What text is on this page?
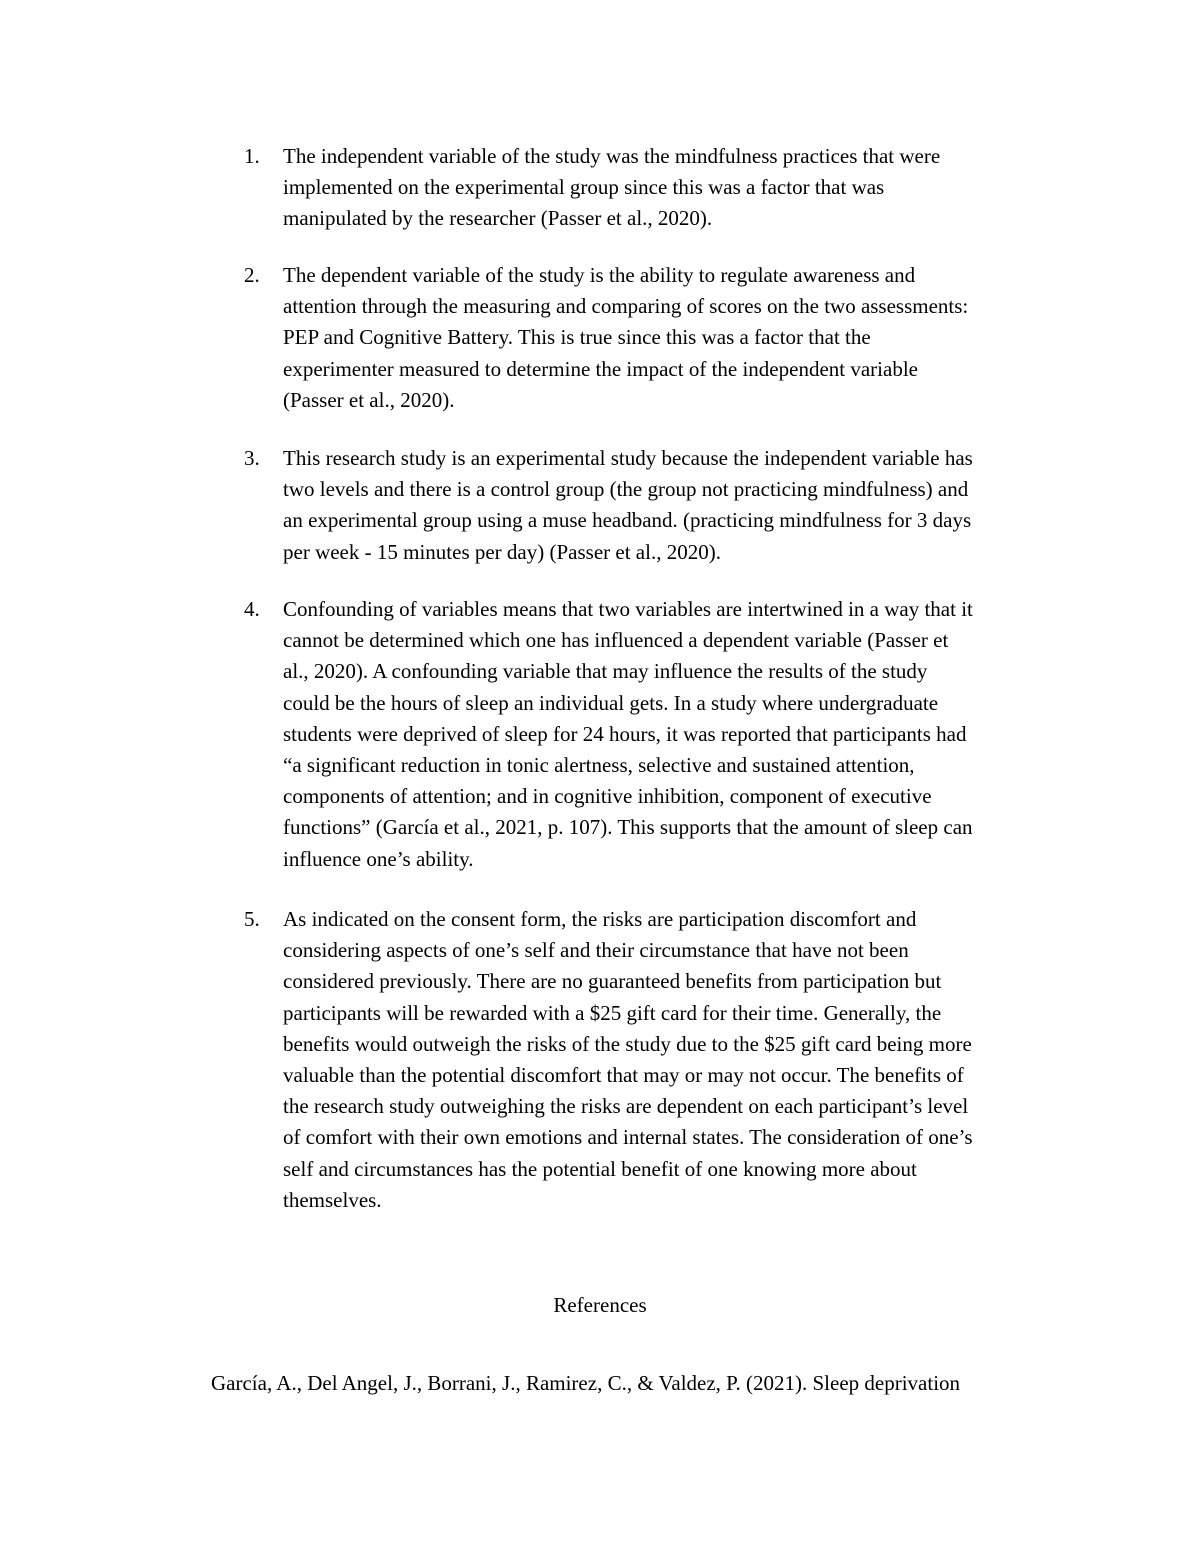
1. The independent variable of the study was the mindfulness practices that were
implemented on the experimental group since this was a factor that was
manipulated by the researcher (Passer et al., 2020).
2. The dependent variable of the study is the ability to regulate awareness and
attention through the measuring and comparing of scores on the two assessments:
PEP and Cognitive Battery. This is true since this was a factor that the
experimenter measured to determine the impact of the independent variable
(Passer et al., 2020).
3. This research study is an experimental study because the independent variable has
two levels and there is a control group (the group not practicing mindfulness) and
an experimental group using a muse headband. (practicing mindfulness for 3 days
per week - 15 minutes per day) (Passer et al., 2020).
4. Confounding of variables means that two variables are intertwined in a way that it
cannot be determined which one has influenced a dependent variable (Passer et
al., 2020). A confounding variable that may influence the results of the study
could be the hours of sleep an individual gets. In a study where undergraduate
students were deprived of sleep for 24 hours, it was reported that participants had
“a significant reduction in tonic alertness, selective and sustained attention,
components of attention; and in cognitive inhibition, component of executive
functions” (García et al., 2021, p. 107). This supports that the amount of sleep can
influence one’s ability.
5. As indicated on the consent form, the risks are participation discomfort and
considering aspects of one’s self and their circumstance that have not been
considered previously. There are no guaranteed benefits from participation but
participants will be rewarded with a $25 gift card for their time. Generally, the
benefits would outweigh the risks of the study due to the $25 gift card being more
valuable than the potential discomfort that may or may not occur. The benefits of
the research study outweighing the risks are dependent on each participant’s level
of comfort with their own emotions and internal states. The consideration of one’s
self and circumstances has the potential benefit of one knowing more about
themselves.
References
García, A., Del Angel, J., Borrani, J., Ramirez, C., & Valdez, P. (2021). Sleep deprivation
